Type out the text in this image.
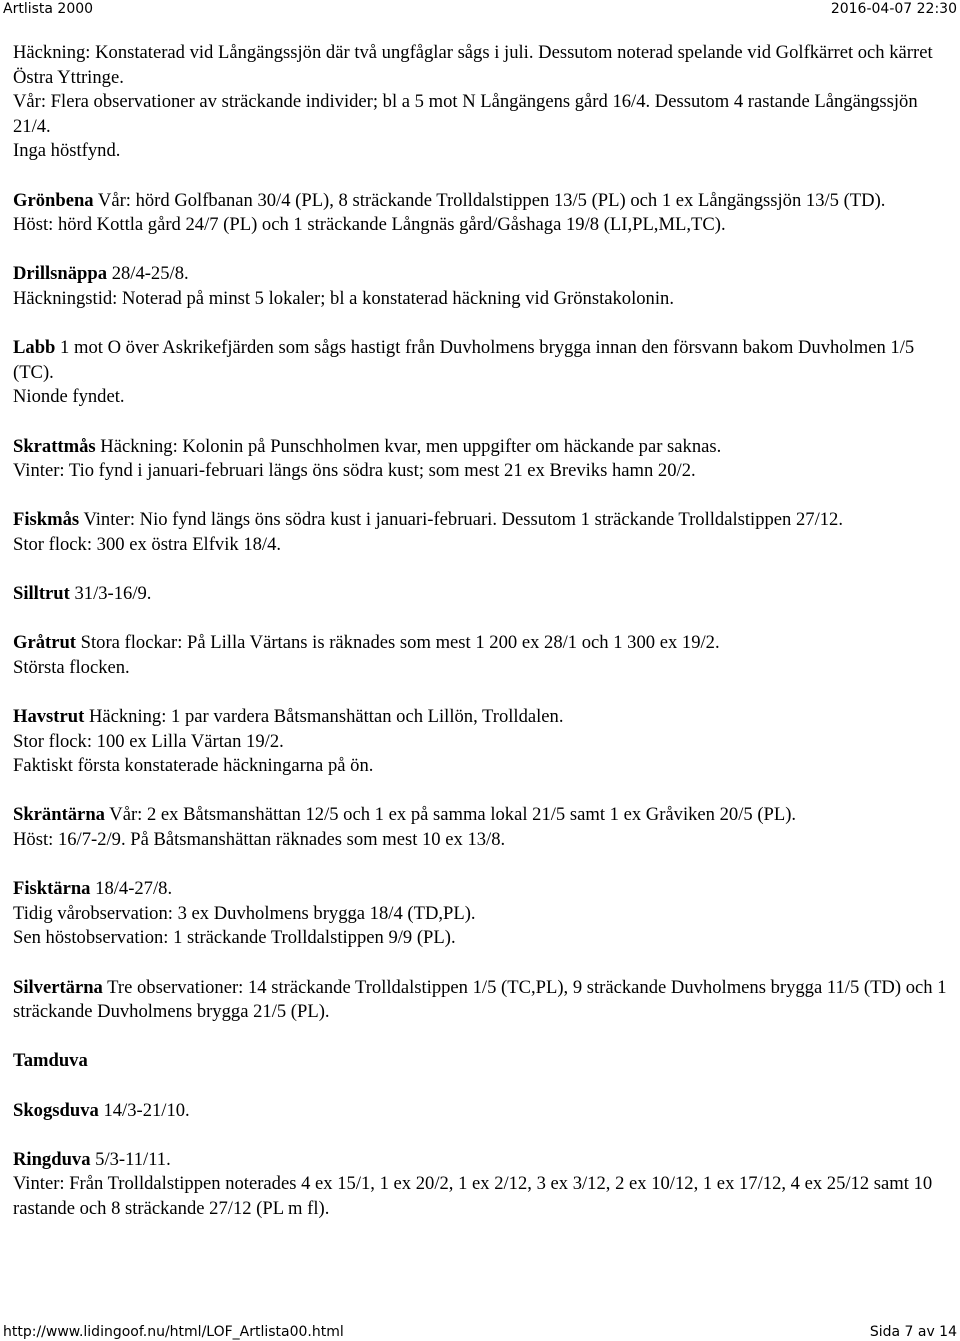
Artlista 2000	2016-04-07 22:30
Häckning: Konstaterad vid Långängssjön där två ungfåglar sågs i juli. Dessutom noterad spelande vid Golfkärret och kärret Östra Yttringe.
Vår: Flera observationer av sträckande individer; bl a 5 mot N Långängens gård 16/4. Dessutom 4 rastande Långängssjön 21/4.
Inga höstfynd.
Grönbena Vår: hörd Golfbanan 30/4 (PL), 8 sträckande Trolldalstippen 13/5 (PL) och 1 ex Långängssjön 13/5 (TD).
Höst: hörd Kottla gård 24/7 (PL) och 1 sträckande Långnäs gård/Gåshaga 19/8 (LI,PL,ML,TC).
Drillsnäppa 28/4-25/8.
Häckningstid: Noterad på minst 5 lokaler; bl a konstaterad häckning vid Grönstakolonin.
Labb 1 mot O över Askrikefjärden som sågs hastigt från Duvholmens brygga innan den försvann bakom Duvholmen 1/5 (TC).
Nionde fyndet.
Skrattmås Häckning: Kolonin på Punschholmen kvar, men uppgifter om häckande par saknas.
Vinter: Tio fynd i januari-februari längs öns södra kust; som mest 21 ex Breviks hamn 20/2.
Fiskmås Vinter: Nio fynd längs öns södra kust i januari-februari. Dessutom 1 sträckande Trolldalstippen 27/12.
Stor flock: 300 ex östra Elfvik 18/4.
Silltrut 31/3-16/9.
Gråtrut Stora flockar: På Lilla Värtans is räknades som mest 1 200 ex 28/1 och 1 300 ex 19/2.
Största flocken.
Havstrut Häckning: 1 par vardera Båtsmanshättan och Lillön, Trolldalen.
Stor flock: 100 ex Lilla Värtan 19/2.
Faktiskt första konstaterade häckningarna på ön.
Skräntärna Vår: 2 ex Båtsmanshättan 12/5 och 1 ex på samma lokal 21/5 samt 1 ex Gråviken 20/5 (PL).
Höst: 16/7-2/9. På Båtsmanshättan räknades som mest 10 ex 13/8.
Fisktärna 18/4-27/8.
Tidig vårobservation: 3 ex Duvholmens brygga 18/4 (TD,PL).
Sen höstobservation: 1 sträckande Trolldalstippen 9/9 (PL).
Silvertärna Tre observationer: 14 sträckande Trolldalstippen 1/5 (TC,PL), 9 sträckande Duvholmens brygga 11/5 (TD) och 1 sträckande Duvholmens brygga 21/5 (PL).
Tamduva
Skogsduva 14/3-21/10.
Ringduva 5/3-11/11.
Vinter: Från Trolldalstippen noterades 4 ex 15/1, 1 ex 20/2, 1 ex 2/12, 3 ex 3/12, 2 ex 10/12, 1 ex 17/12, 4 ex 25/12 samt 10 rastande och 8 sträckande 27/12 (PL m fl).
http://www.lidingoof.nu/html/LOF_Artlista00.html	Sida 7 av 14
